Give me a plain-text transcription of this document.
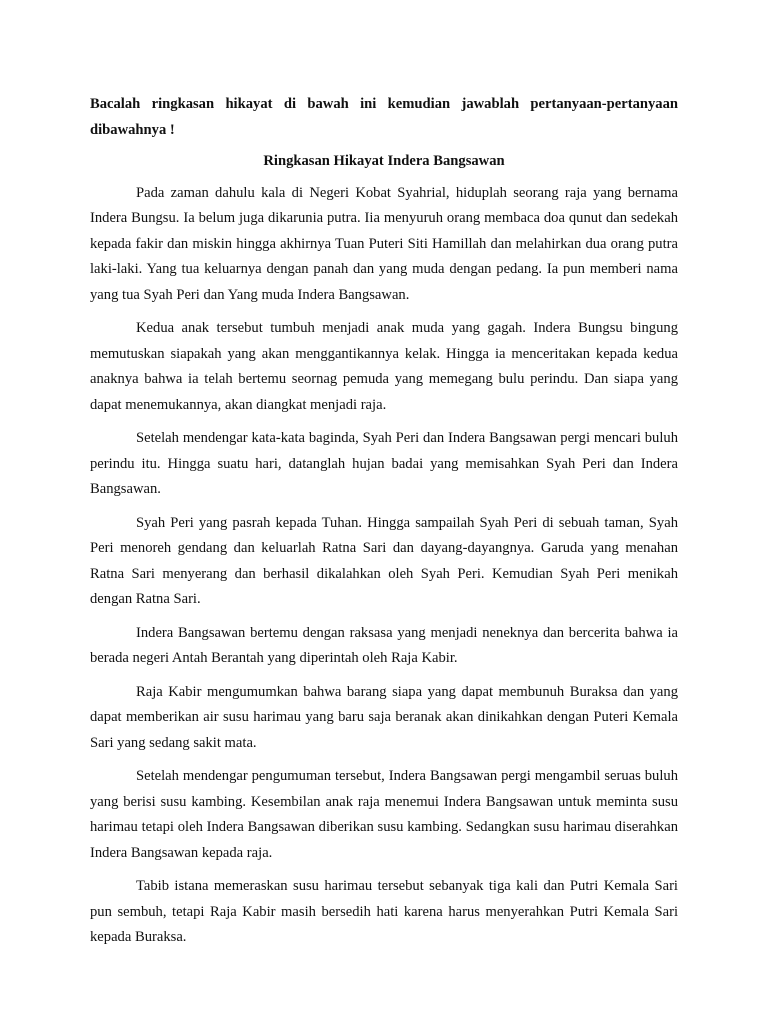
Bacalah ringkasan hikayat di bawah ini kemudian jawablah pertanyaan-pertanyaan dibawahnya !

Ringkasan Hikayat Indera Bangsawan

Pada zaman dahulu kala di Negeri Kobat Syahrial, hiduplah seorang raja yang bernama Indera Bungsu. Ia belum juga dikarunia putra. Iia menyuruh orang membaca doa qunut dan sedekah kepada fakir dan miskin hingga akhirnya Tuan Puteri Siti Hamillah dan melahirkan dua orang putra laki-laki. Yang tua keluarnya dengan panah dan yang muda dengan pedang. Ia pun memberi nama yang tua Syah Peri dan Yang muda Indera Bangsawan.

Kedua anak tersebut tumbuh menjadi anak muda yang gagah. Indera Bungsu bingung memutuskan siapakah yang akan menggantikannya kelak. Hingga ia menceritakan kepada kedua anaknya bahwa ia telah bertemu seornag pemuda yang memegang bulu perindu. Dan siapa yang dapat menemukannya, akan diangkat menjadi raja.

Setelah mendengar kata-kata baginda, Syah Peri dan Indera Bangsawan pergi mencari buluh perindu itu. Hingga suatu hari, datanglah hujan badai yang memisahkan Syah Peri dan Indera Bangsawan.

Syah Peri yang pasrah kepada Tuhan. Hingga sampailah Syah Peri di sebuah taman, Syah Peri menoreh gendang dan keluarlah Ratna Sari dan dayang-dayangnya. Garuda yang menahan Ratna Sari menyerang dan berhasil dikalahkan oleh Syah Peri. Kemudian Syah Peri menikah dengan Ratna Sari.

Indera Bangsawan bertemu dengan raksasa yang menjadi neneknya dan bercerita bahwa ia berada negeri Antah Berantah yang diperintah oleh Raja Kabir.

Raja Kabir mengumumkan bahwa barang siapa yang dapat membunuh Buraksa dan yang dapat memberikan air susu harimau yang baru saja beranak akan dinikahkan dengan Puteri Kemala Sari yang sedang sakit mata.

Setelah mendengar pengumuman tersebut, Indera Bangsawan pergi mengambil seruas buluh yang berisi susu kambing. Kesembilan anak raja menemui Indera Bangsawan untuk meminta susu harimau tetapi oleh Indera Bangsawan diberikan susu kambing. Sedangkan susu harimau diserahkan Indera Bangsawan kepada raja.

Tabib istana memeraskan susu harimau tersebut sebanyak tiga kali dan Putri Kemala Sari pun sembuh, tetapi Raja Kabir masih bersedih hati karena harus menyerahkan Putri Kemala Sari kepada Buraksa.
